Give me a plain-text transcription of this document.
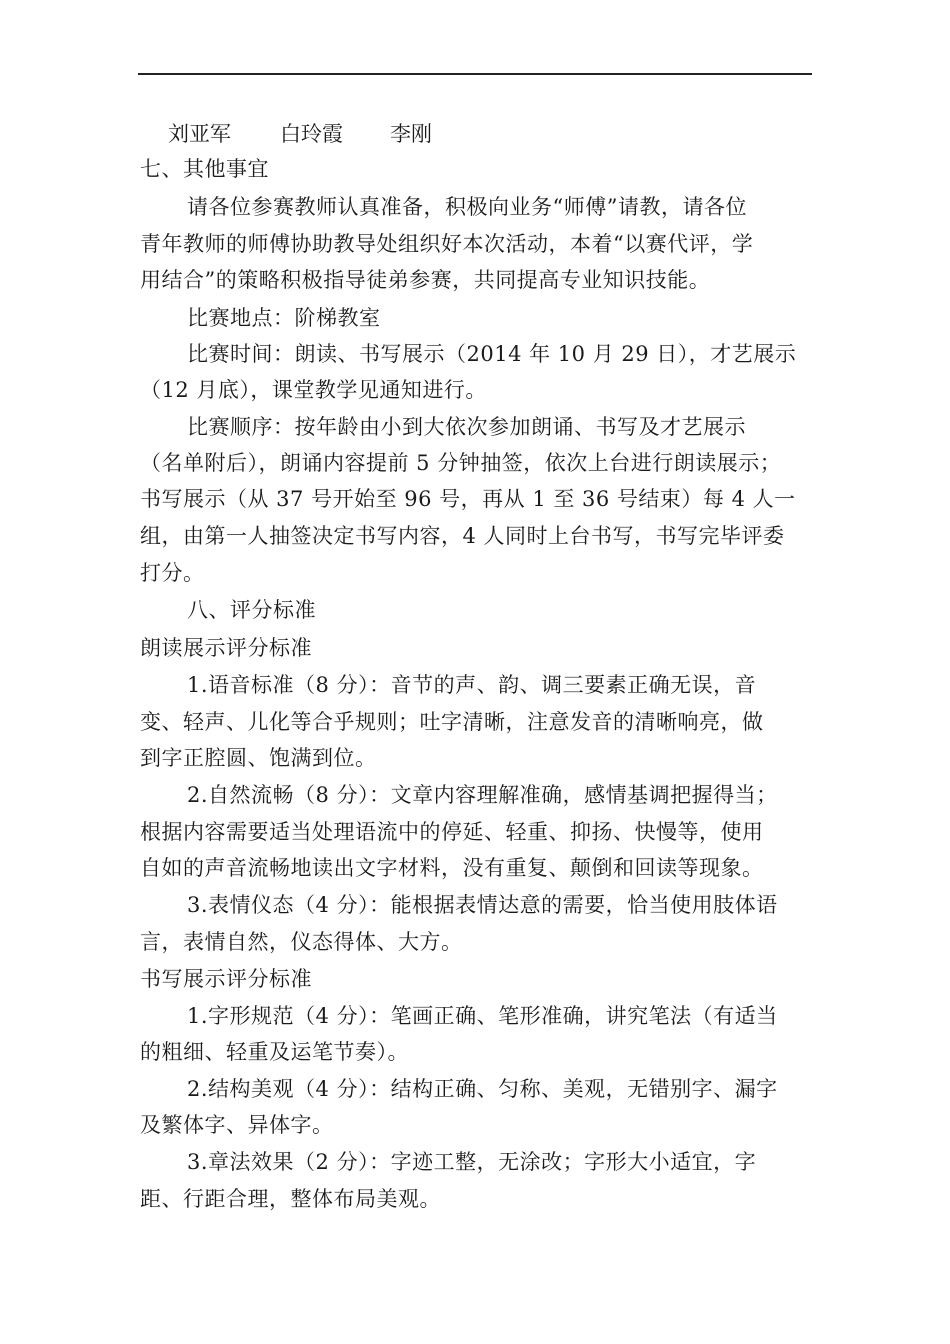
刘亚军 白玲霞 李刚
七、其他事宜
请各位参赛教师认真准备，积极向业务“师傅”请教，请各位
青年教师的师傅协助教导处组织好本次活动，本着“以赛代评，学
用结合”的策略积极指导徒弟参赛，共同提高专业知识技能。
比赛地点：阶梯教室
比赛时间：朗读、书写展示（2014 年 10 月 29 日），才艺展示
（12 月底），课堂教学见通知进行。
比赛顺序：按年龄由小到大依次参加朗诵、书写及才艺展示
（名单附后），朗诵内容提前 5 分钟抽签，依次上台进行朗读展示；
书写展示（从 37 号开始至 96 号，再从 1 至 36 号结束）每 4 人一
组，由第一人抽签决定书写内容，4 人同时上台书写，书写完毕评委
打分。
八、评分标准
朗读展示评分标准
1.语音标准（8 分）：音节的声、韵、调三要素正确无误，音
变、轻声、儿化等合乎规则；吐字清晰，注意发音的清晰响亮，做
到字正腔圆、饱满到位。
2.自然流畅（8 分）：文章内容理解准确，感情基调把握得当；
根据内容需要适当处理语流中的停延、轻重、抑扬、快慢等，使用
自如的声音流畅地读出文字材料，没有重复、颠倒和回读等现象。
3.表情仪态（4 分）：能根据表情达意的需要，恰当使用肢体语
言，表情自然，仪态得体、大方。
书写展示评分标准
1.字形规范（4 分）：笔画正确、笔形准确，讲究笔法（有适当
的粗细、轻重及运笔节奏）。
2.结构美观（4 分）：结构正确、匀称、美观，无错别字、漏字
及繁体字、异体字。
3.章法效果（2 分）：字迹工整，无涂改；字形大小适宜，字
距、行距合理，整体布局美观。
